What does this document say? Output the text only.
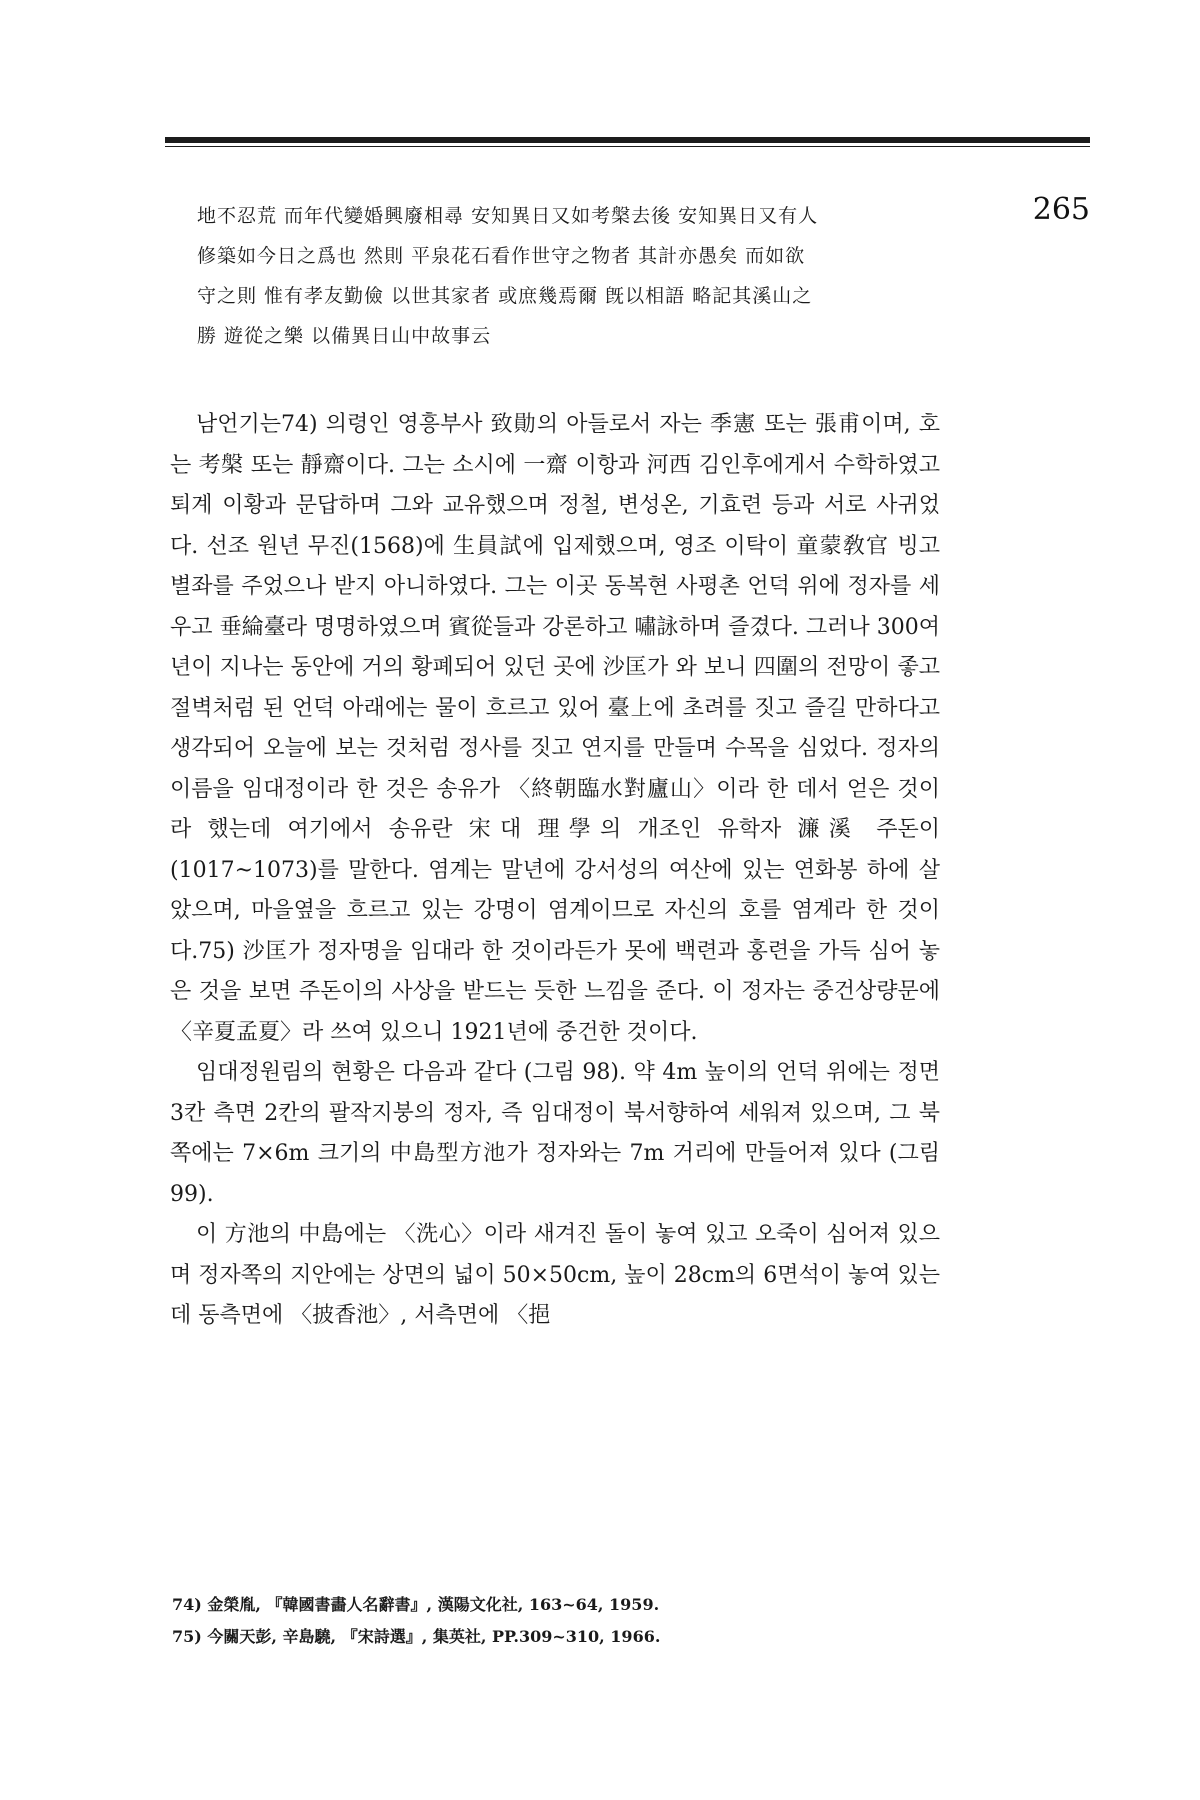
265
地不忍荒 而年代變婚興廢相尋 安知異日又如考槃去後 安知異日又有人
修築如今日之爲也 然則 平泉花石看作世守之物者 其計亦愚矣 而如欲
守之則 惟有孝友勤儉 以世其家者 或庶幾焉爾 旣以相語 略記其溪山之
勝 遊從之樂 以備異日山中故事云

남언기는74) 의령인 영흥부사 致勛의 아들로서 자는 季憲 또는 張甫이며, 호는 考槃 또는 靜齋이다. 그는 소시에 一齋 이항과 河西 김인후에게서 수학하였고 퇴계 이황과 문답하며 그와 교유했으며 정철, 변성온, 기효련 등과 서로 사귀었다. 선조 원년 무진(1568)에 生員試에 입제했으며, 영조 이탁이 童蒙敎官 빙고별좌를 주었으나 받지 아니하였다. 그는 이곳 동복현 사평촌 언덕 위에 정자를 세우고 垂綸臺라 명명하였으며 賓從들과 강론하고 嘯詠하며 즐겼다. 그러나 300여 년이 지나는 동안에 거의 황폐되어 있던 곳에 沙匡가 와 보니 四圍의 전망이 좋고 절벽처럼 된 언덕 아래에는 물이 흐르고 있어 臺上에 초려를 짓고 즐길 만하다고 생각되어 오늘에 보는 것처럼 정사를 짓고 연지를 만들며 수목을 심었다. 정자의 이름을 임대정이라 한 것은 송유가 〈終朝臨水對廬山〉이라 한 데서 얻은 것이라 했는데 여기에서 송유란 宋대 理學의 개조인 유학자 濂溪 주돈이(1017~1073)를 말한다. 염계는 말년에 강서성의 여산에 있는 연화봉 하에 살았으며, 마을옆을 흐르고 있는 강명이 염계이므로 자신의 호를 염계라 한 것이다.75) 沙匡가 정자명을 임대라 한 것이라든가 못에 백련과 홍련을 가득 심어 놓은 것을 보면 주돈이의 사상을 받드는 듯한 느낌을 준다. 이 정자는 중건상량문에 〈辛夏孟夏〉라 쓰여 있으니 1921년에 중건한 것이다.

임대정원림의 현황은 다음과 같다 (그림 98). 약 4m 높이의 언덕 위에는 정면 3칸 측면 2칸의 팔작지붕의 정자, 즉 임대정이 북서향하여 세워져 있으며, 그 북쪽에는 7×6m 크기의 中島型方池가 정자와는 7m 거리에 만들어져 있다 (그림 99).

이 方池의 中島에는 〈洗心〉이라 새겨진 돌이 놓여 있고 오죽이 심어져 있으며 정자쪽의 지안에는 상면의 넓이 50×50cm, 높이 28cm의 6면석이 놓여 있는데 동측면에 〈披香池〉, 서측면에 〈挹

74) 金榮胤, 『韓國書畵人名辭書』, 漢陽文化社, 163~64, 1959.
75) 今關天彭, 辛島驍, 『宋詩選』, 集英社, PP.309~310, 1966.
